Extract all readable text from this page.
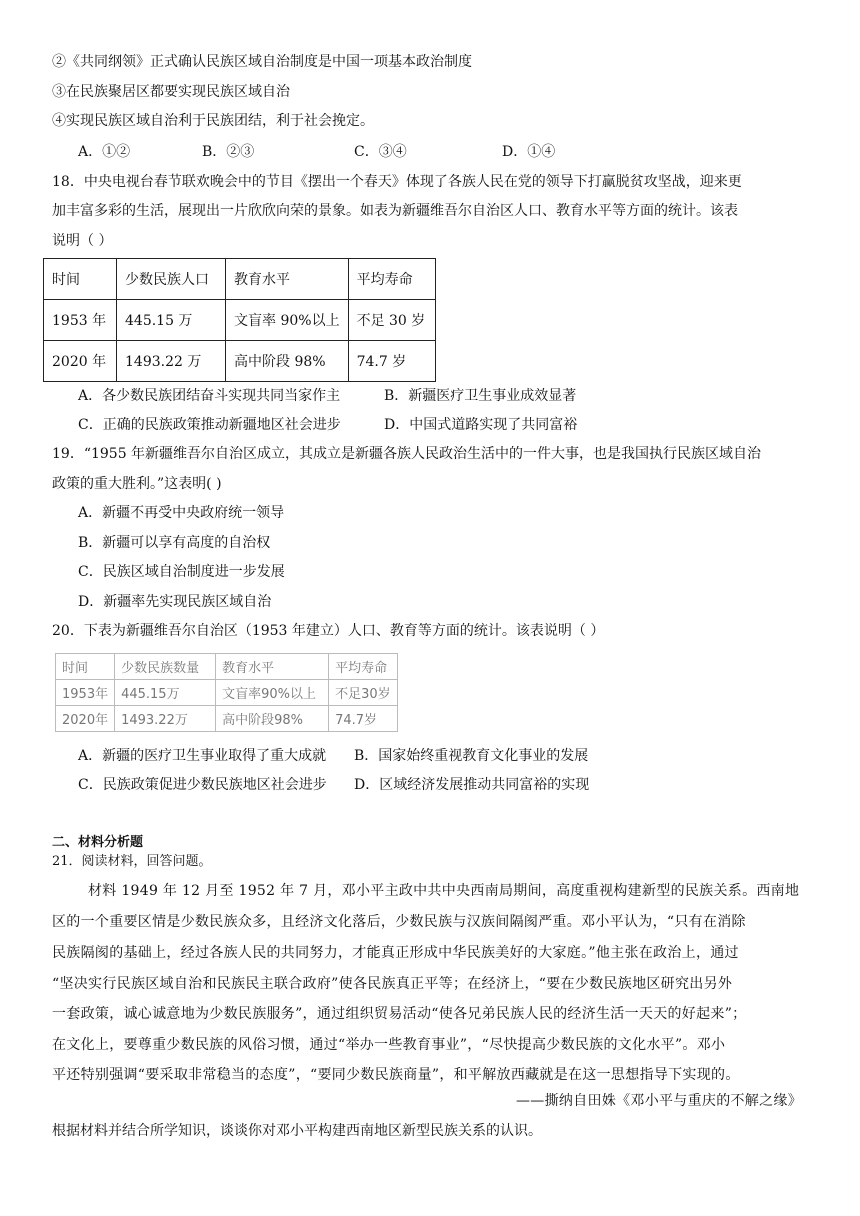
②《共同纲领》正式确认民族区域自治制度是中国一项基本政治制度
③在民族聚居区都要实现民族区域自治
④实现民族区域自治利于民族团结，利于社会挽定。
A．①②	B．②③	C．③④	D．①④
18．中央电视台春节联欢晚会中的节目《摆出一个春天》体现了各族人民在党的领导下打赢脱贫攻坚战，迎来更
加丰富多彩的生活，展现出一片欣欣向荣的景象。如表为新疆维吾尔自治区人口、教育水平等方面的统计。该表
说明（ ）
时间	少数民族人口	教育水平	平均寿命
1953 年	445.15 万	文盲率 90%以上	不足 30 岁
2020 年	1493.22 万	高中阶段 98%	74.7 岁
A．各少数民族团结奋斗实现共同当家作主	B．新疆医疗卫生事业成效显著
C．正确的民族政策推动新疆地区社会进步	D．中国式道路实现了共同富裕
19．“1955 年新疆维吾尔自治区成立，其成立是新疆各族人民政治生活中的一件大事，也是我国执行民族区域自治
政策的重大胜利。”这表明( )
A．新疆不再受中央政府统一领导
B．新疆可以享有高度的自治权
C．民族区域自治制度进一步发展
D．新疆率先实现民族区域自治
20．下表为新疆维吾尔自治区（1953 年建立）人口、教育等方面的统计。该表说明（ ）
时间	少数民族数量	教育水平	平均寿命
1953年	445.15万	文盲率90%以上	不足30岁
2020年	1493.22万	高中阶段98%	74.7岁
A．新疆的医疗卫生事业取得了重大成就 B．国家始终重视教育文化事业的发展
C．民族政策促进少数民族地区社会进步 D．区域经济发展推动共同富裕的实现
二、材料分析题
21．阅读材料，回答问题。
材料 1949 年 12 月至 1952 年 7 月，邓小平主政中共中央西南局期间，高度重视构建新型的民族关系。西南地
区的一个重要区情是少数民族众多，且经济文化落后，少数民族与汉族间隔阂严重。邓小平认为，“只有在消除
民族隔阂的基础上，经过各族人民的共同努力，才能真正形成中华民族美好的大家庭。”他主张在政治上，通过
“坚决实行民族区域自治和民族民主联合政府”使各民族真正平等；在经济上，“要在少数民族地区研究出另外
一套政策，诚心诚意地为少数民族服务”，通过组织贸易活动“使各兄弟民族人民的经济生活一天天的好起来”；
在文化上，要尊重少数民族的风俗习惯，通过“举办一些教育事业”，“尽快提高少数民族的文化水平”。邓小
平还特别强调“要采取非常稳当的态度”，“要同少数民族商量”，和平解放西藏就是在这一思想指导下实现的。
——撕纳自田姝《邓小平与重庆的不解之缘》
根据材料并结合所学知识，谈谈你对邓小平构建西南地区新型民族关系的认识。
